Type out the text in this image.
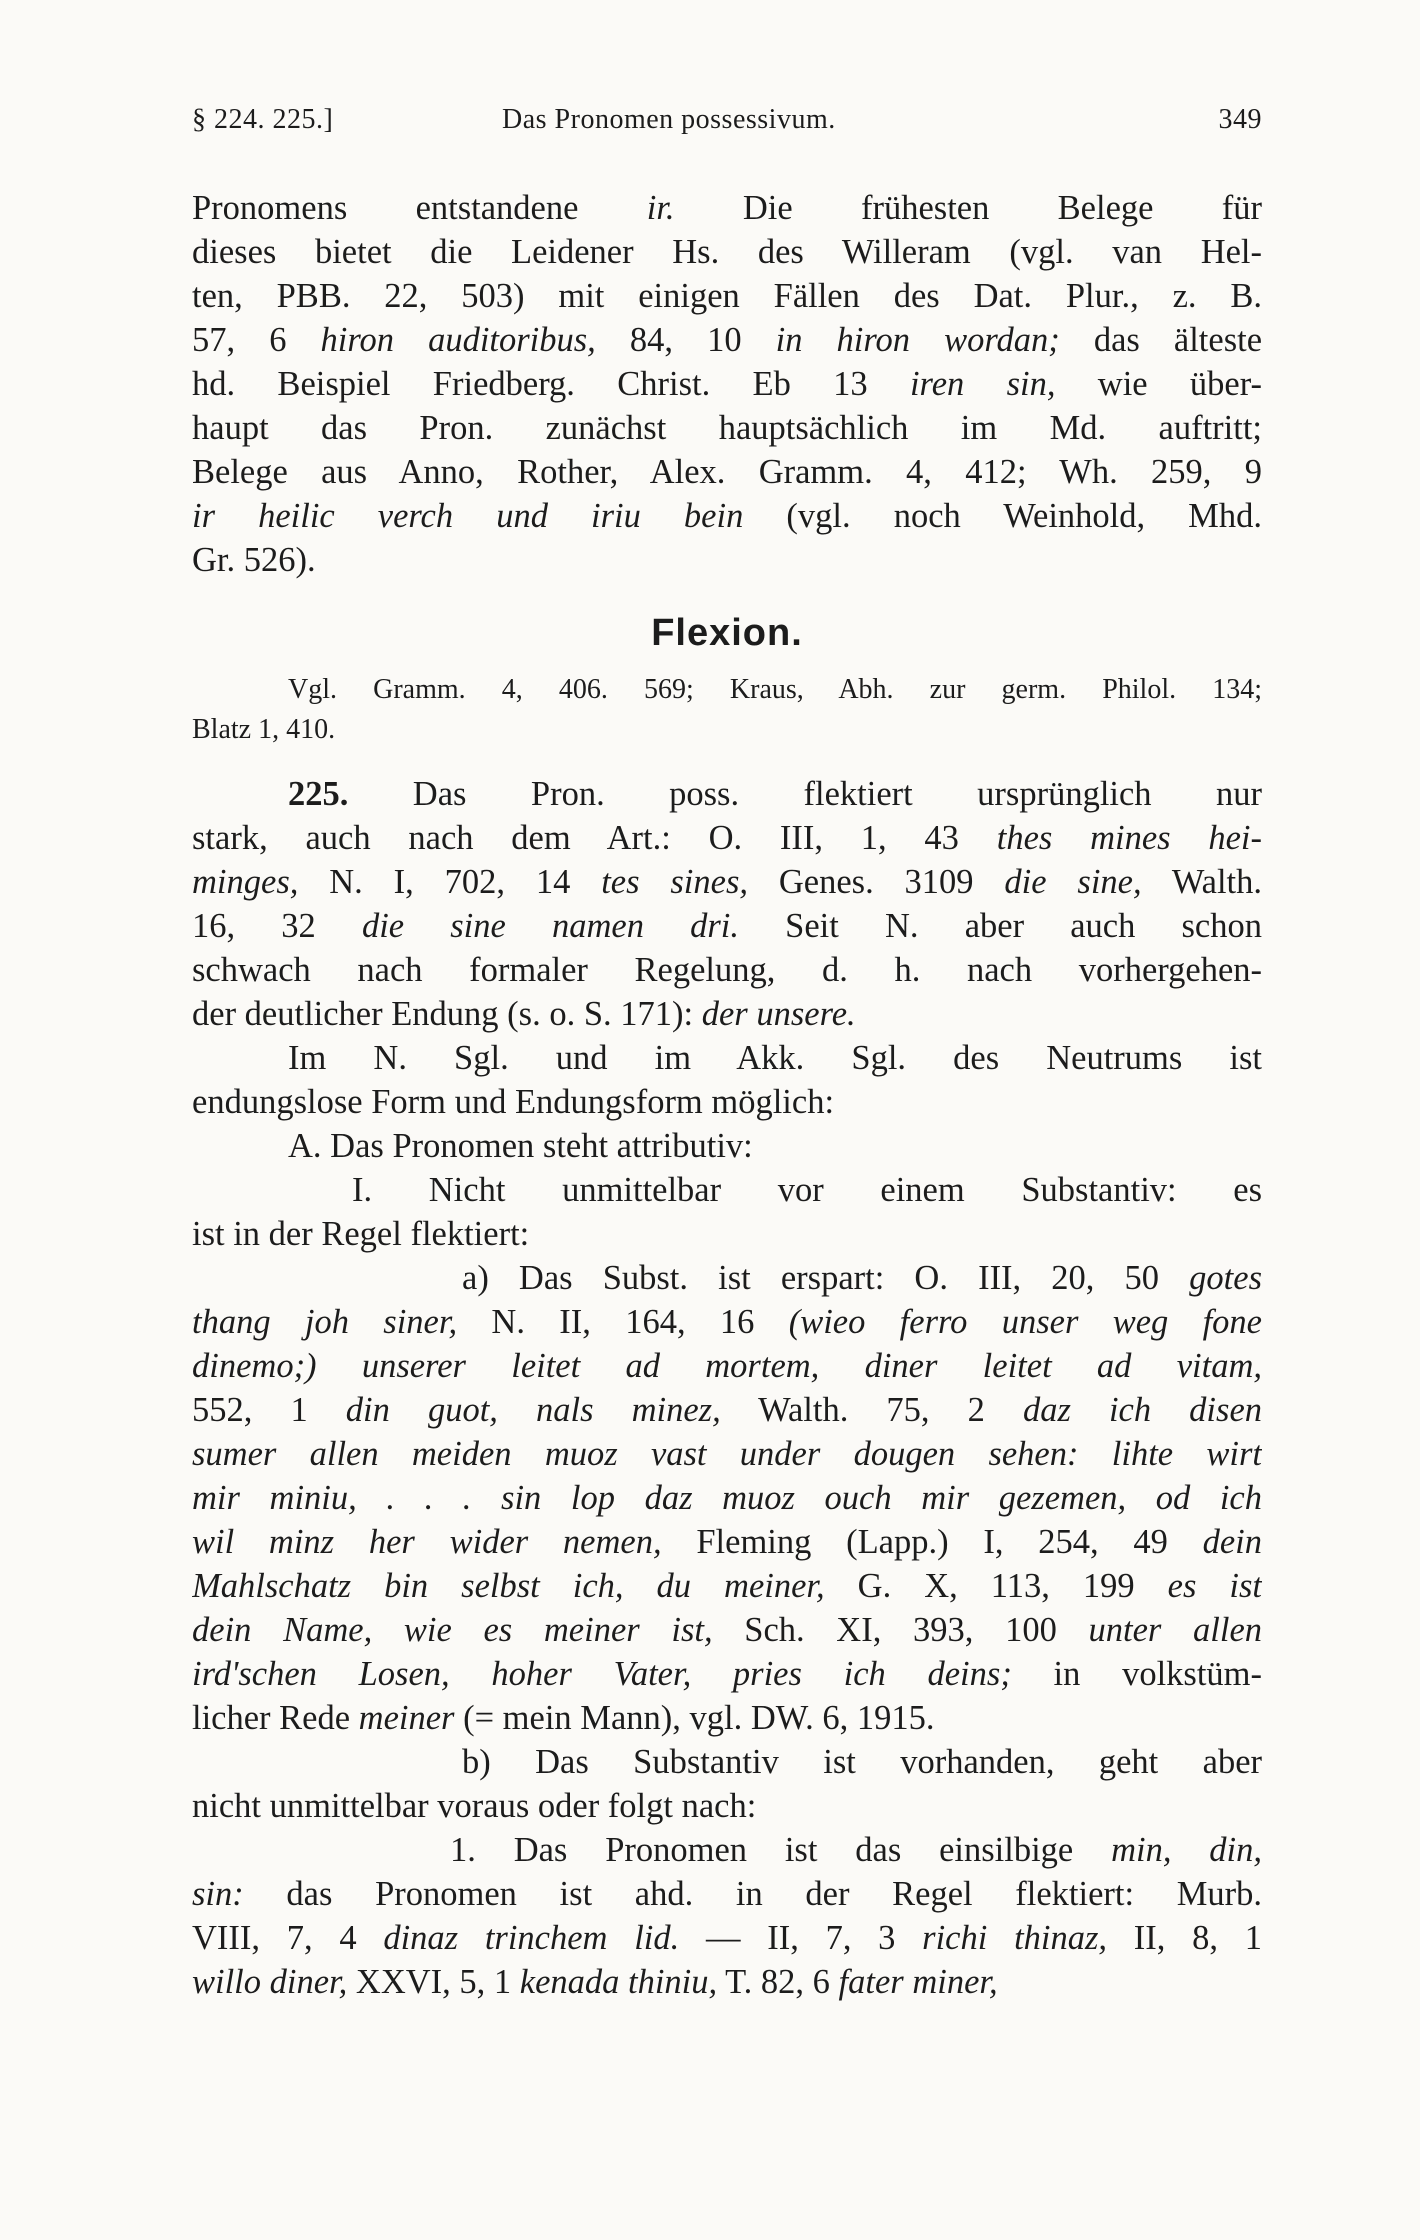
§ 224. 225.]	Das Pronomen possessivum.	349
Pronomens entstandene ir. Die frühesten Belege für
dieses bietet die Leidener Hs. des Willeram (vgl. van Hel-
ten, PBB. 22, 503) mit einigen Fällen des Dat. Plur., z. B.
57, 6 hiron auditoribus, 84, 10 in hiron wordan; das älteste
hd. Beispiel Friedberg. Christ. Eb 13 iren sin, wie über-
haupt das Pron. zunächst hauptsächlich im Md. auftritt;
Belege aus Anno, Rother, Alex. Gramm. 4, 412; Wh. 259, 9
ir heilic verch und iriu bein (vgl. noch Weinhold, Mhd.
Gr. 526).
Flexion.
Vgl. Gramm. 4, 406. 569; Kraus, Abh. zur germ. Philol. 134;
Blatz 1, 410.
225. Das Pron. poss. flektiert ursprünglich nur
stark, auch nach dem Art.: O. III, 1, 43 thes mines hei-
minges, N. I, 702, 14 tes sines, Genes. 3109 die sine, Walth.
16, 32 die sine namen dri. Seit N. aber auch schon
schwach nach formaler Regelung, d. h. nach vorhergehen-
der deutlicher Endung (s. o. S. 171): der unsere.
Im N. Sgl. und im Akk. Sgl. des Neutrums ist
endungslose Form und Endungsform möglich:
A. Das Pronomen steht attributiv:
I. Nicht unmittelbar vor einem Substantiv: es
ist in der Regel flektiert:
a) Das Subst. ist erspart: O. III, 20, 50 gotes
thang joh siner, N. II, 164, 16 (wieo ferro unser weg fone
dinemo;) unserer leitet ad mortem, diner leitet ad vitam,
552, 1 din guot, nals minez, Walth. 75, 2 daz ich disen
sumer allen meiden muoz vast under dougen sehen: lihte wirt
mir miniu, . . . sin lop daz muoz ouch mir gezemen, od ich
wil minz her wider nemen, Fleming (Lapp.) I, 254, 49 dein
Mahlschatz bin selbst ich, du meiner, G. X, 113, 199 es ist
dein Name, wie es meiner ist, Sch. XI, 393, 100 unter allen
ird'schen Losen, hoher Vater, pries ich deins; in volkstüm-
licher Rede meiner (= mein Mann), vgl. DW. 6, 1915.
b) Das Substantiv ist vorhanden, geht aber
nicht unmittelbar voraus oder folgt nach:
1. Das Pronomen ist das einsilbige min, din,
sin: das Pronomen ist ahd. in der Regel flektiert: Murb.
VIII, 7, 4 dinaz trinchem lid. — II, 7, 3 richi thinaz, II, 8, 1
willo diner, XXVI, 5, 1 kenada thiniu, T. 82, 6 fater miner,
